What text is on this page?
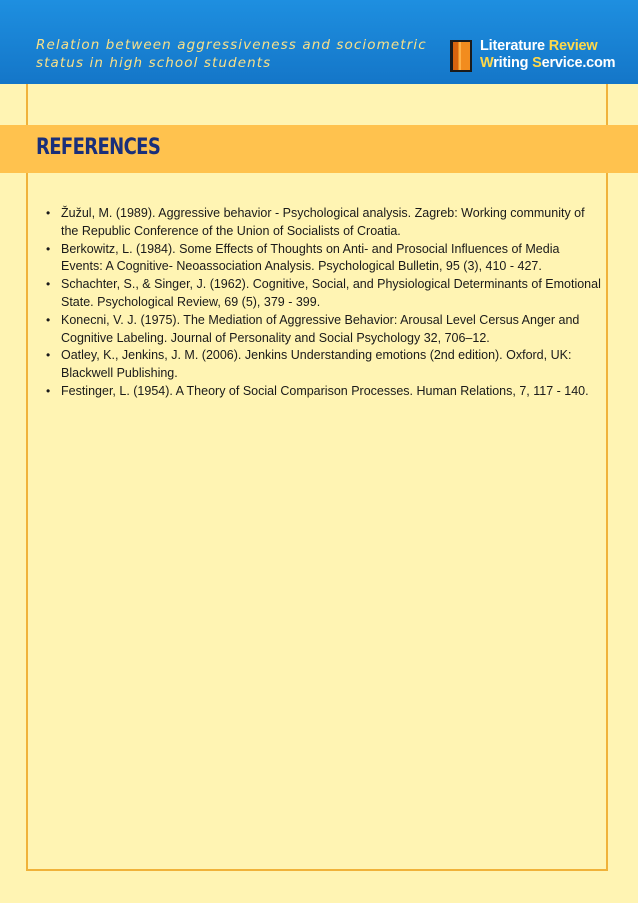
Relation between aggressiveness and sociometric
status in high school students
Literature Review
Writing Service.com
REFERENCES
• Žužul, M. (1989). Aggressive behavior - Psychological analysis. Zagreb: Working community of the Republic Conference of the Union of Socialists of Croatia.
• Berkowitz, L. (1984). Some Effects of Thoughts on Anti- and Prosocial Influences of Media Events: A Cognitive- Neoassociation Analysis. Psychological Bulletin, 95 (3), 410 - 427.
• Schachter, S., & Singer, J. (1962). Cognitive, Social, and Physiological Determinants of Emotional State. Psychological Review, 69 (5), 379 - 399.
• Konecni, V. J. (1975). The Mediation of Aggressive Behavior: Arousal Level Cersus Anger and Cognitive Labeling. Journal of Personality and Social Psychology 32, 706–12.
• Oatley, K., Jenkins, J. M. (2006). Jenkins Understanding emotions (2nd edition). Oxford, UK: Blackwell Publishing.
• Festinger, L. (1954). A Theory of Social Comparison Processes. Human Relations, 7, 117 - 140.
